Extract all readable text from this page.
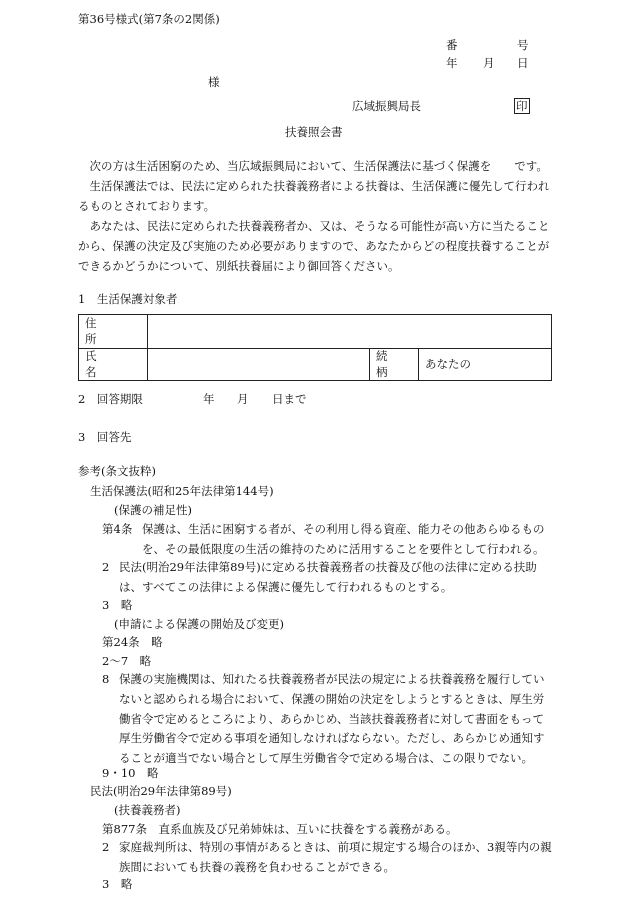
第36号様式(第7条の2関係)
番	号
年 月 日
様
広域振興局長	印
扶養照会書

次の方は生活困窮のため、当広域振興局において、生活保護法に基づく保護を　　です。

生活保護法では、民法に定められた扶養義務者による扶養は、生活保護に優先して行われるものとされております。

あなたは、民法に定められた扶養義務者か、又は、そうなる可能性が高い方に当たることから、保護の決定及び実施のため必要がありますので、あなたからどの程度扶養することができるかどうかについて、別紙扶養届により御回答ください。

1　生活保護対象者
住所			
氏名		続柄	あなたの
2　回答期限	年 月 日まで
3　回答先
参考(条文抜粋)
生活保護法(昭和25年法律第144号)
(保護の補足性)
第4条 保護は、生活に困窮する者が、その利用し得る資産、能力その他あらゆるものを、その最低限度の生活の維持のために活用することを要件として行われる。
2 民法(明治29年法律第89号)に定める扶養義務者の扶養及び他の法律に定める扶助は、すべてこの法律による保護に優先して行われるものとする。
3　略
(申請による保護の開始及び変更)
第24条　略
2〜7　略
8 保護の実施機関は、知れたる扶養義務者が民法の規定による扶養義務を履行していないと認められる場合において、保護の開始の決定をしようとするときは、厚生労働省令で定めるところにより、あらかじめ、当該扶養義務者に対して書面をもって厚生労働省令で定める事項を通知しなければならない。ただし、あらかじめ通知することが適当でない場合として厚生労働省令で定める場合は、この限りでない。
9・10　略
民法(明治29年法律第89号)
(扶養義務者)
第877条　直系血族及び兄弟姉妹は、互いに扶養をする義務がある。
2 家庭裁判所は、特別の事情があるときは、前項に規定する場合のほか、3親等内の親族間においても扶養の義務を負わせることができる。
3　略
